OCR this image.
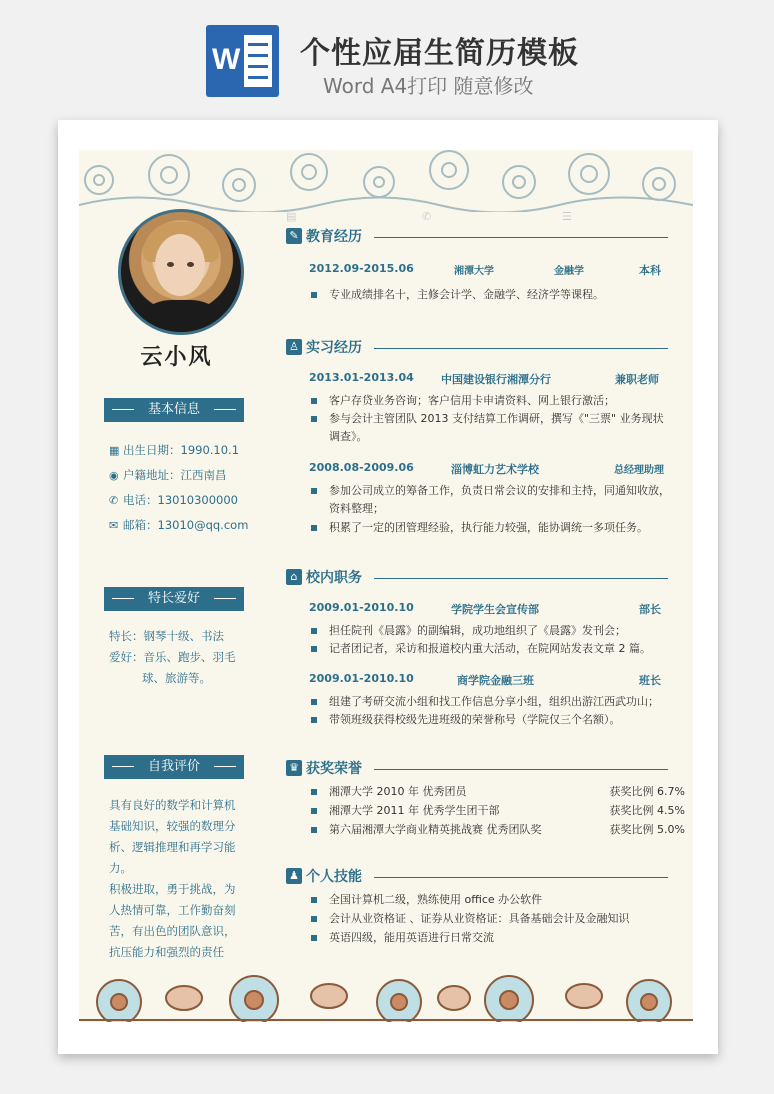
W 个性应届生简历模板
Word A4打印 随意修改
云小风
基本信息
▦ 出生日期：1990.10.1
◉ 户籍地址：江西南昌
✆ 电话：13010300000
✉ 邮箱：13010@qq.com
特长爱好
特长：钢琴十级、书法
爱好：音乐、跑步、羽毛
球、旅游等。
自我评价
具有良好的数学和计算机
基础知识，较强的数理分
析、逻辑推理和再学习能
力。
积极进取，勇于挑战，为
人热情可靠，工作勤奋刻
苦，有出色的团队意识，
抗压能力和强烈的责任
▤	✆	☰
✎ 教育经历
2012.09-2015.06	湘潭大学	金融学	本科
专业成绩排名十，主修会计学、金融学、经济学等课程。
♙ 实习经历
2013.01-2013.04 中国建设银行湘潭分行	兼职老师
客户存贷业务咨询；客户信用卡申请资料、网上银行激活；
参与会计主管团队 2013 支付结算工作调研，撰写《"三票" 业务现状
调查》。
2008.08-2009.06	淄博虹力艺术学校	总经理助理
参加公司成立的筹备工作，负责日常会议的安排和主持，同通知收放，
资料整理；
积累了一定的团管理经验，执行能力较强，能协调统一多项任务。
⌂ 校内职务
2009.01-2010.10	学院学生会宣传部	部长
担任院刊《晨露》的副编辑，成功地组织了《晨露》发刊会；
记者团记者，采访和报道校内重大活动，在院网站发表文章 2 篇。
2009.01-2010.10	商学院金融三班	班长
组建了考研交流小组和找工作信息分享小组，组织出游江西武功山；
带领班级获得校级先进班级的荣誉称号（学院仅三个名额）。
♛ 获奖荣誉
湘潭大学 2010 年 优秀团员	获奖比例 6.7%
湘潭大学 2011 年 优秀学生团干部	获奖比例 4.5%
第六届湘潭大学商业精英挑战赛 优秀团队奖	获奖比例 5.0%
♟ 个人技能
全国计算机二级，熟练使用 office 办公软件
会计从业资格证 、证券从业资格证：具备基础会计及金融知识
英语四级，能用英语进行日常交流
